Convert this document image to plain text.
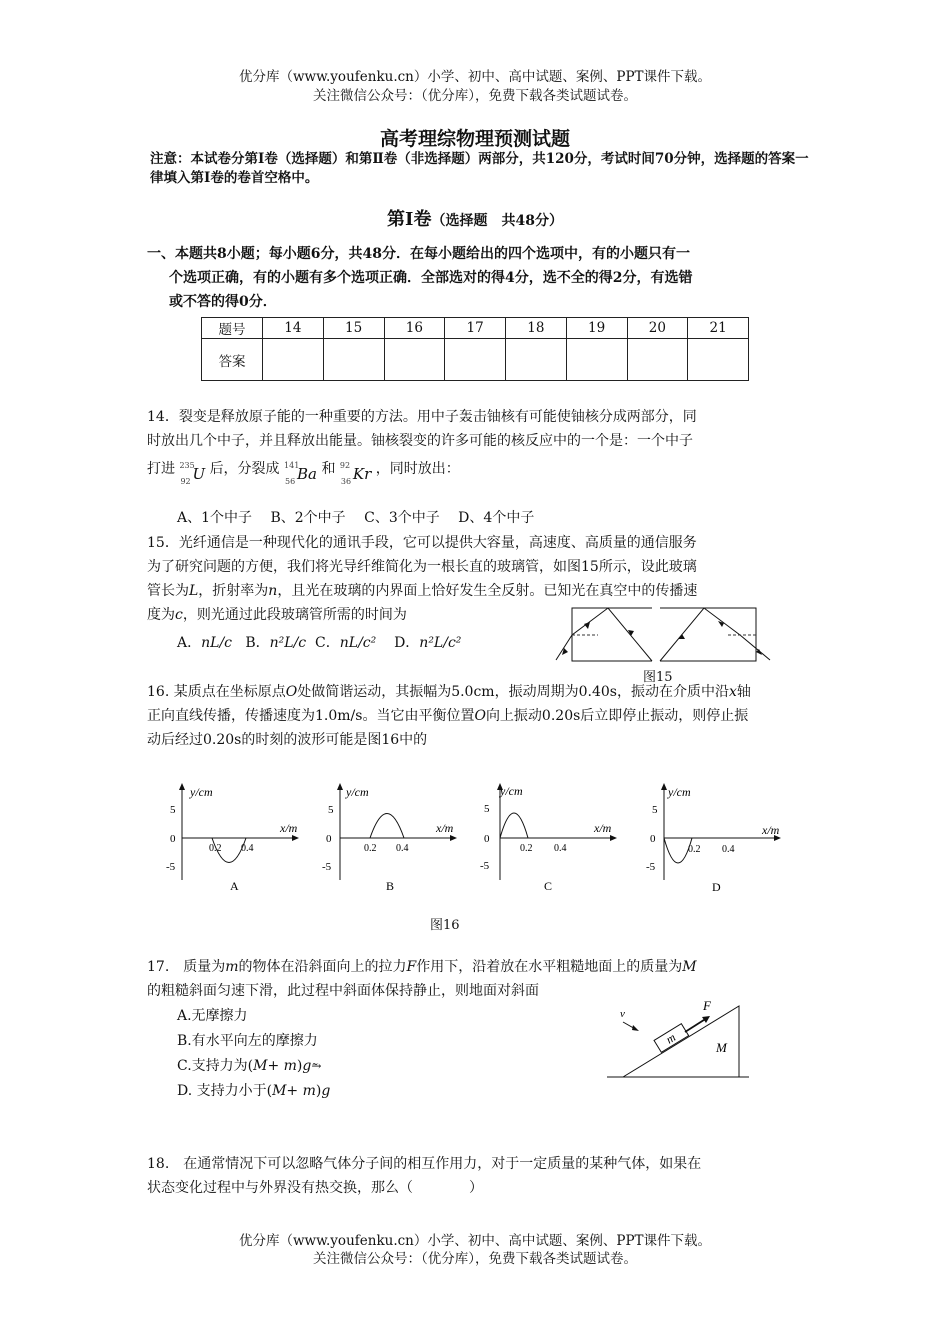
优分库（www.youfenku.cn）小学、初中、高中试题、案例、PPT课件下载。
关注微信公众号：（优分库），免费下载各类试题试卷。
高考理综物理预测试题
注意：本试卷分第Ⅰ卷（选择题）和第Ⅱ卷（非选择题）两部分，共120分，考试时间70分钟，选择题的答案一律填入第Ⅰ卷的卷首空格中。
第Ⅰ卷（选择题　共48分）
一、本题共8小题；每小题6分，共48分．在每小题给出的四个选项中，有的小题只有一
个选项正确，有的小题有多个选项正确．全部选对的得4分，选不全的得2分，有选错
或不答的得0分．
题号	14	15	16	17	18	19	20	21
答案								
14．裂变是释放原子能的一种重要的方法。用中子轰击铀核有可能使铀核分成两部分，同
时放出几个中子，并且释放出能量。铀核裂变的许多可能的核反应中的一个是：一个中子
打进 235
92 U 后，分裂成 141
56 Ba 和 92
36 Kr ，同时放出：
A、1个中子　 B、2个中子　 C、3个中子　 D、4个中子
15．光纤通信是一种现代化的通讯手段，它可以提供大容量，高速度、高质量的通信服务
为了研究问题的方便，我们将光导纤维简化为一根长直的玻璃管，如图15所示，设此玻璃
管长为L，折射率为n，且光在玻璃的内界面上恰好发生全反射。已知光在真空中的传播速
度为c，则光通过此段玻璃管所需的时间为
A．nL/c B．n²L/c C．nL/c² D．n²L/c²
图15
16. 某质点在坐标原点O处做简谐运动，其振幅为5.0cm，振动周期为0.40s，振动在介质中沿x轴
正向直线传播，传播速度为1.0m/s。当它由平衡位置O向上振动0.20s后立即停止振动，则停止振
动后经过0.20s的时刻的波形可能是图16中的
y/cm
x/m
5
0
-5
0.2 0.4
A
y/cm
x/m
5
0
-5
0.2 0.4
B
y/cm
x/m
5
0
-5
0.2 0.4
C
y/cm
x/m
5
0
-5
0.2 0.4
D
图16
17.　质量为m的物体在沿斜面向上的拉力F作用下，沿着放在水平粗糙地面上的质量为M
的粗糙斜面匀速下滑，此过程中斜面体保持静止，则地面对斜面
A.无摩擦力
B.有水平向左的摩擦力
C.支持力为(M+ m)g⥲
D. 支持力小于(M+ m)g
m
F
v
M
18.　在通常情况下可以忽略气体分子间的相互作用力，对于一定质量的某种气体，如果在
状态变化过程中与外界没有热交换，那么（　　　　）
优分库（www.youfenku.cn）小学、初中、高中试题、案例、PPT课件下载。
关注微信公众号：（优分库），免费下载各类试题试卷。
